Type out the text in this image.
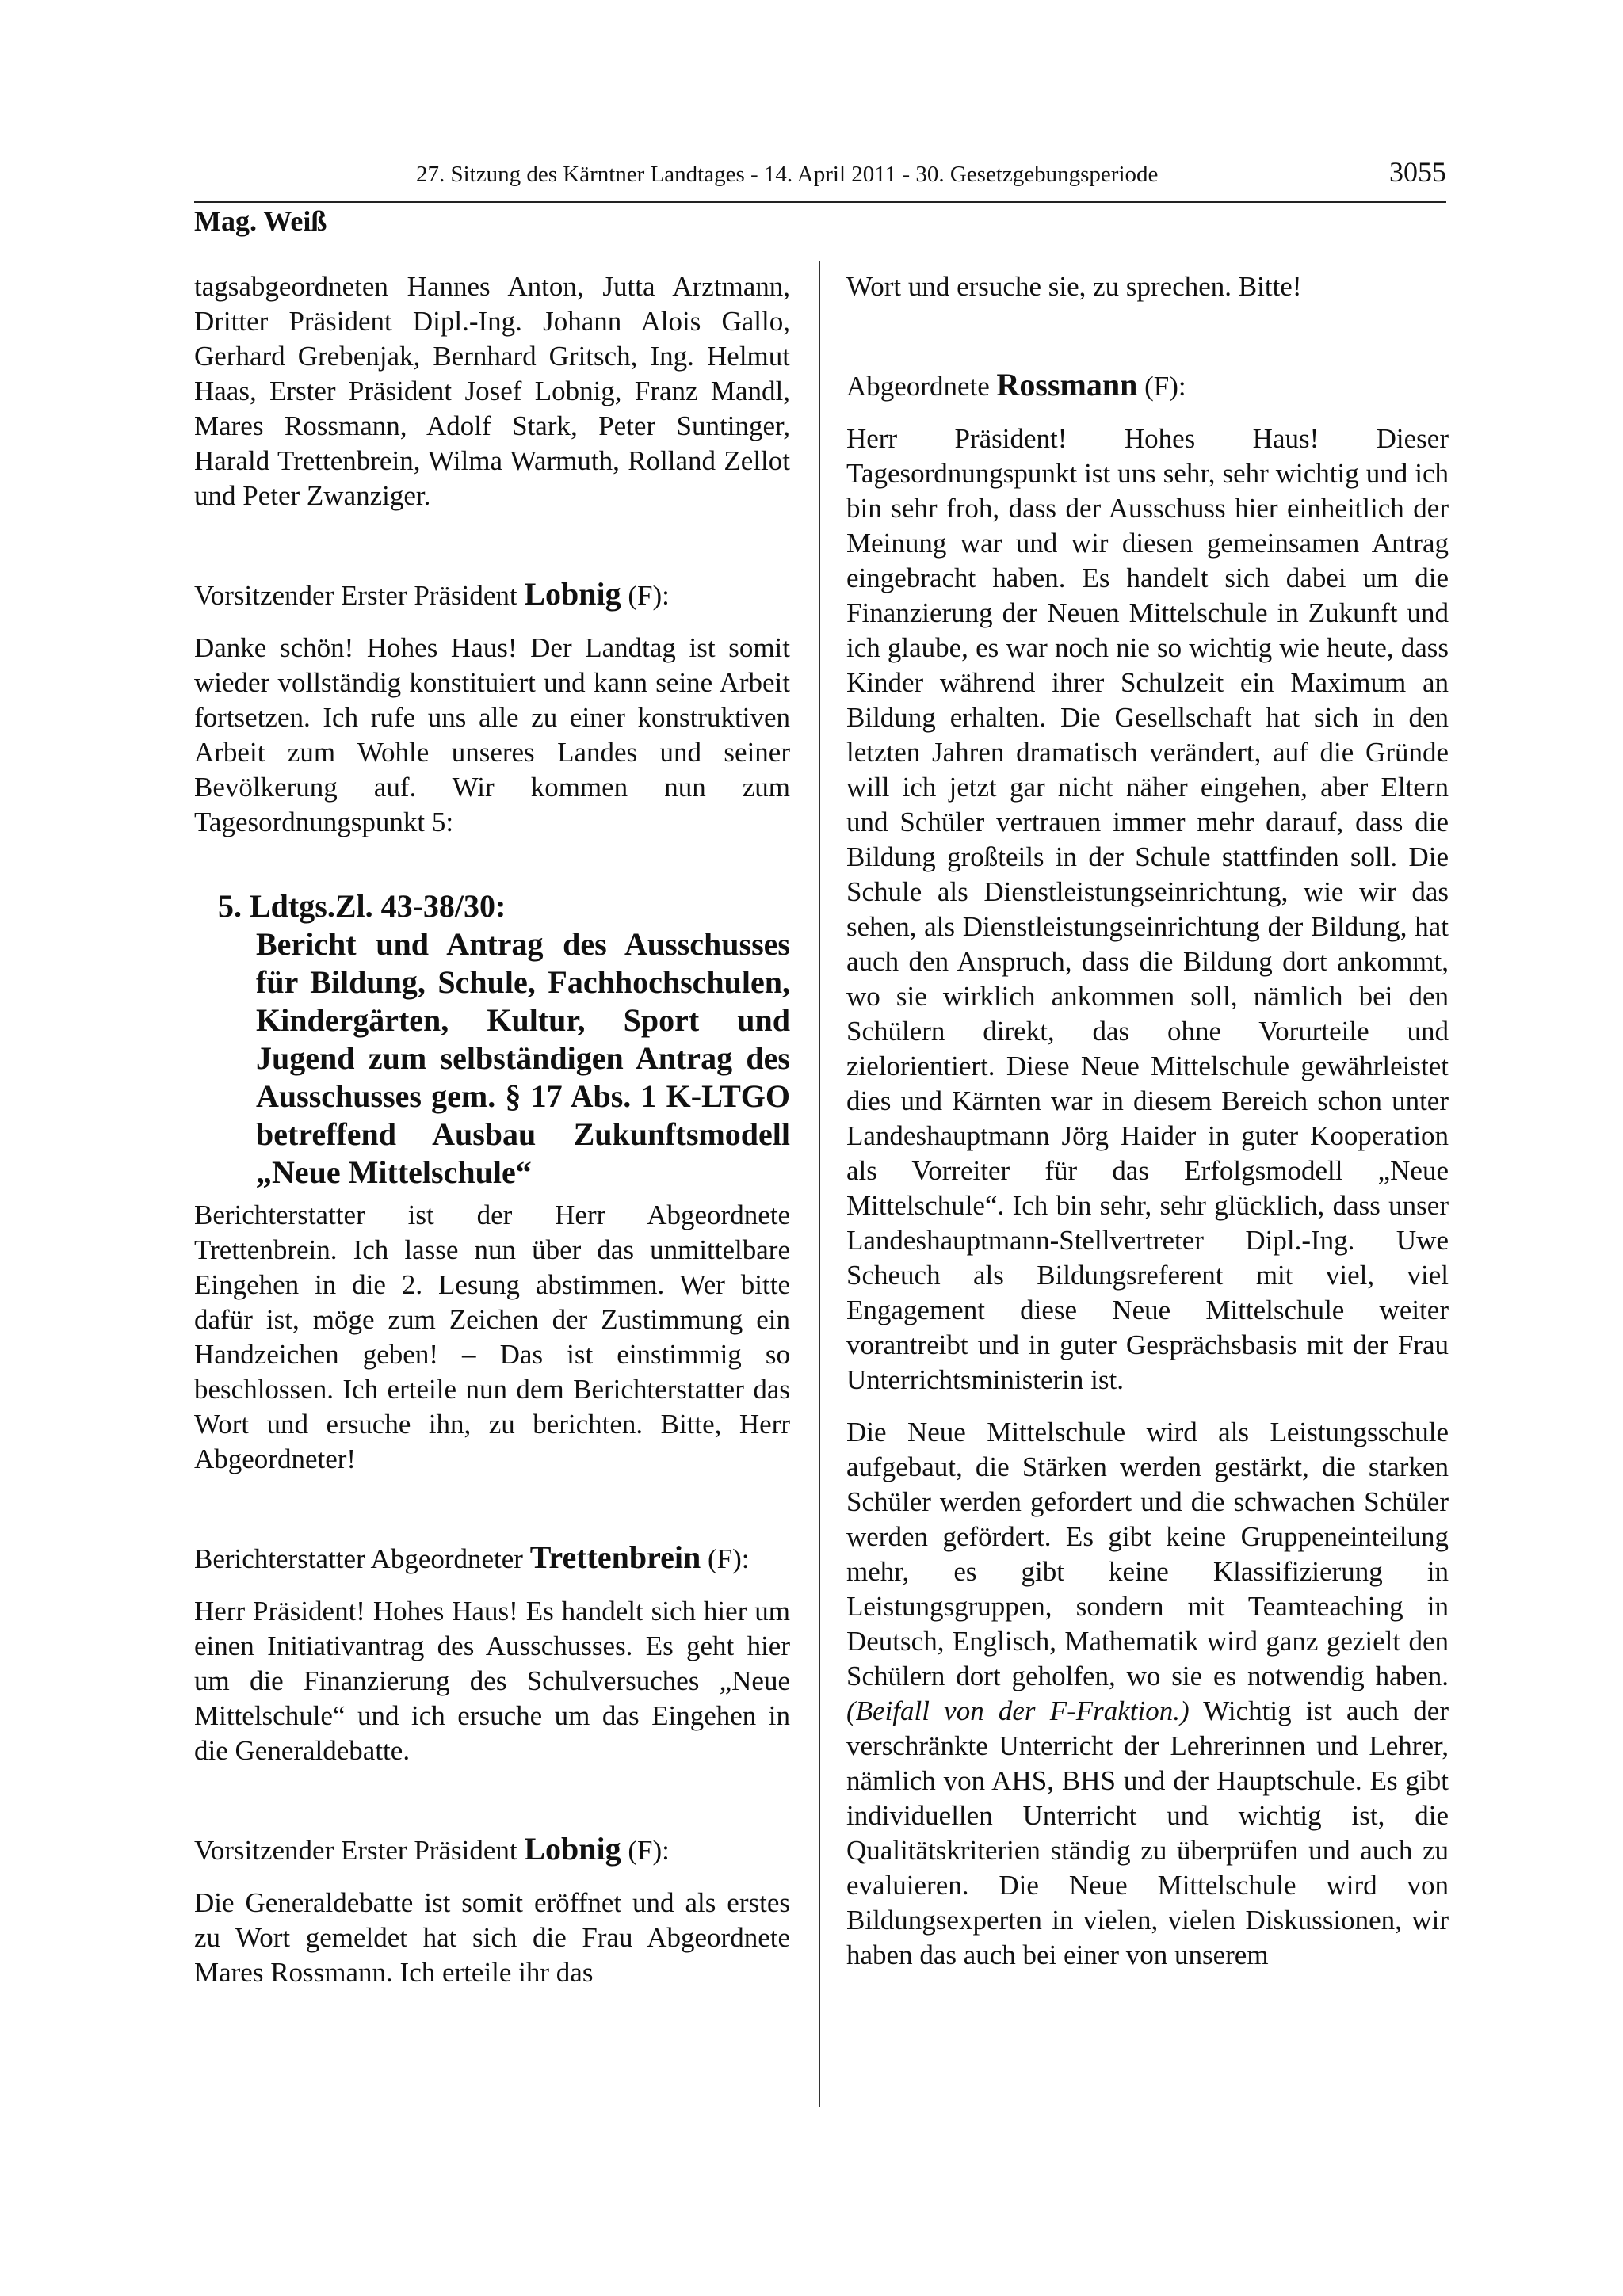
27. Sitzung des Kärntner Landtages - 14. April 2011 - 30. Gesetzgebungsperiode	3055
Mag. Weiß

tagsabgeordneten Hannes Anton, Jutta Arztmann, Dritter Präsident Dipl.-Ing. Johann Alois Gallo, Gerhard Grebenjak, Bernhard Gritsch, Ing. Helmut Haas, Erster Präsident Josef Lobnig, Franz Mandl, Mares Rossmann, Adolf Stark, Peter Suntinger, Harald Trettenbrein, Wilma Warmuth, Rolland Zellot und Peter Zwanziger.

Vorsitzender Erster Präsident Lobnig (F):

Danke schön! Hohes Haus! Der Landtag ist somit wieder vollständig konstituiert und kann seine Arbeit fortsetzen. Ich rufe uns alle zu einer konstruktiven Arbeit zum Wohle unseres Landes und seiner Bevölkerung auf. Wir kommen nun zum Tagesordnungspunkt 5:

5. Ldtgs.Zl. 43-38/30:
Bericht und Antrag des Ausschusses für Bildung, Schule, Fachhochschulen, Kindergärten, Kultur, Sport und Jugend zum selbständigen Antrag des Ausschusses gem. § 17 Abs. 1 K-LTGO betreffend Ausbau Zukunftsmodell „Neue Mittelschule“

Berichterstatter ist der Herr Abgeordnete Trettenbrein. Ich lasse nun über das unmittelbare Eingehen in die 2. Lesung abstimmen. Wer bitte dafür ist, möge zum Zeichen der Zustimmung ein Handzeichen geben! – Das ist einstimmig so beschlossen. Ich erteile nun dem Berichterstatter das Wort und ersuche ihn, zu berichten. Bitte, Herr Abgeordneter!

Berichterstatter Abgeordneter Trettenbrein (F):

Herr Präsident! Hohes Haus! Es handelt sich hier um einen Initiativantrag des Ausschusses. Es geht hier um die Finanzierung des Schulversuches „Neue Mittelschule“ und ich ersuche um das Eingehen in die Generaldebatte.

Vorsitzender Erster Präsident Lobnig (F):

Die Generaldebatte ist somit eröffnet und als erstes zu Wort gemeldet hat sich die Frau Abgeordnete Mares Rossmann. Ich erteile ihr das

Wort und ersuche sie, zu sprechen. Bitte!

Abgeordnete Rossmann (F):

Herr Präsident! Hohes Haus! Dieser Tagesordnungspunkt ist uns sehr, sehr wichtig und ich bin sehr froh, dass der Ausschuss hier einheitlich der Meinung war und wir diesen gemeinsamen Antrag eingebracht haben. Es handelt sich dabei um die Finanzierung der Neuen Mittelschule in Zukunft und ich glaube, es war noch nie so wichtig wie heute, dass Kinder während ihrer Schulzeit ein Maximum an Bildung erhalten. Die Gesellschaft hat sich in den letzten Jahren dramatisch verändert, auf die Gründe will ich jetzt gar nicht näher eingehen, aber Eltern und Schüler vertrauen immer mehr darauf, dass die Bildung großteils in der Schule stattfinden soll. Die Schule als Dienstleistungseinrichtung, wie wir das sehen, als Dienstleistungseinrichtung der Bildung, hat auch den Anspruch, dass die Bildung dort ankommt, wo sie wirklich ankommen soll, nämlich bei den Schülern direkt, das ohne Vorurteile und zielorientiert. Diese Neue Mittelschule gewährleistet dies und Kärnten war in diesem Bereich schon unter Landeshauptmann Jörg Haider in guter Kooperation als Vorreiter für das Erfolgsmodell „Neue Mittelschule“. Ich bin sehr, sehr glücklich, dass unser Landeshauptmann-Stellvertreter Dipl.-Ing. Uwe Scheuch als Bildungsreferent mit viel, viel Engagement diese Neue Mittelschule weiter vorantreibt und in guter Gesprächsbasis mit der Frau Unterrichtsministerin ist.

Die Neue Mittelschule wird als Leistungsschule aufgebaut, die Stärken werden gestärkt, die starken Schüler werden gefordert und die schwachen Schüler werden gefördert. Es gibt keine Gruppeneinteilung mehr, es gibt keine Klassifizierung in Leistungsgruppen, sondern mit Teamteaching in Deutsch, Englisch, Mathematik wird ganz gezielt den Schülern dort geholfen, wo sie es notwendig haben. (Beifall von der F-Fraktion.) Wichtig ist auch der verschränkte Unterricht der Lehrerinnen und Lehrer, nämlich von AHS, BHS und der Hauptschule. Es gibt individuellen Unterricht und wichtig ist, die Qualitätskriterien ständig zu überprüfen und auch zu evaluieren. Die Neue Mittelschule wird von Bildungsexperten in vielen, vielen Diskussionen, wir haben das auch bei einer von unserem
